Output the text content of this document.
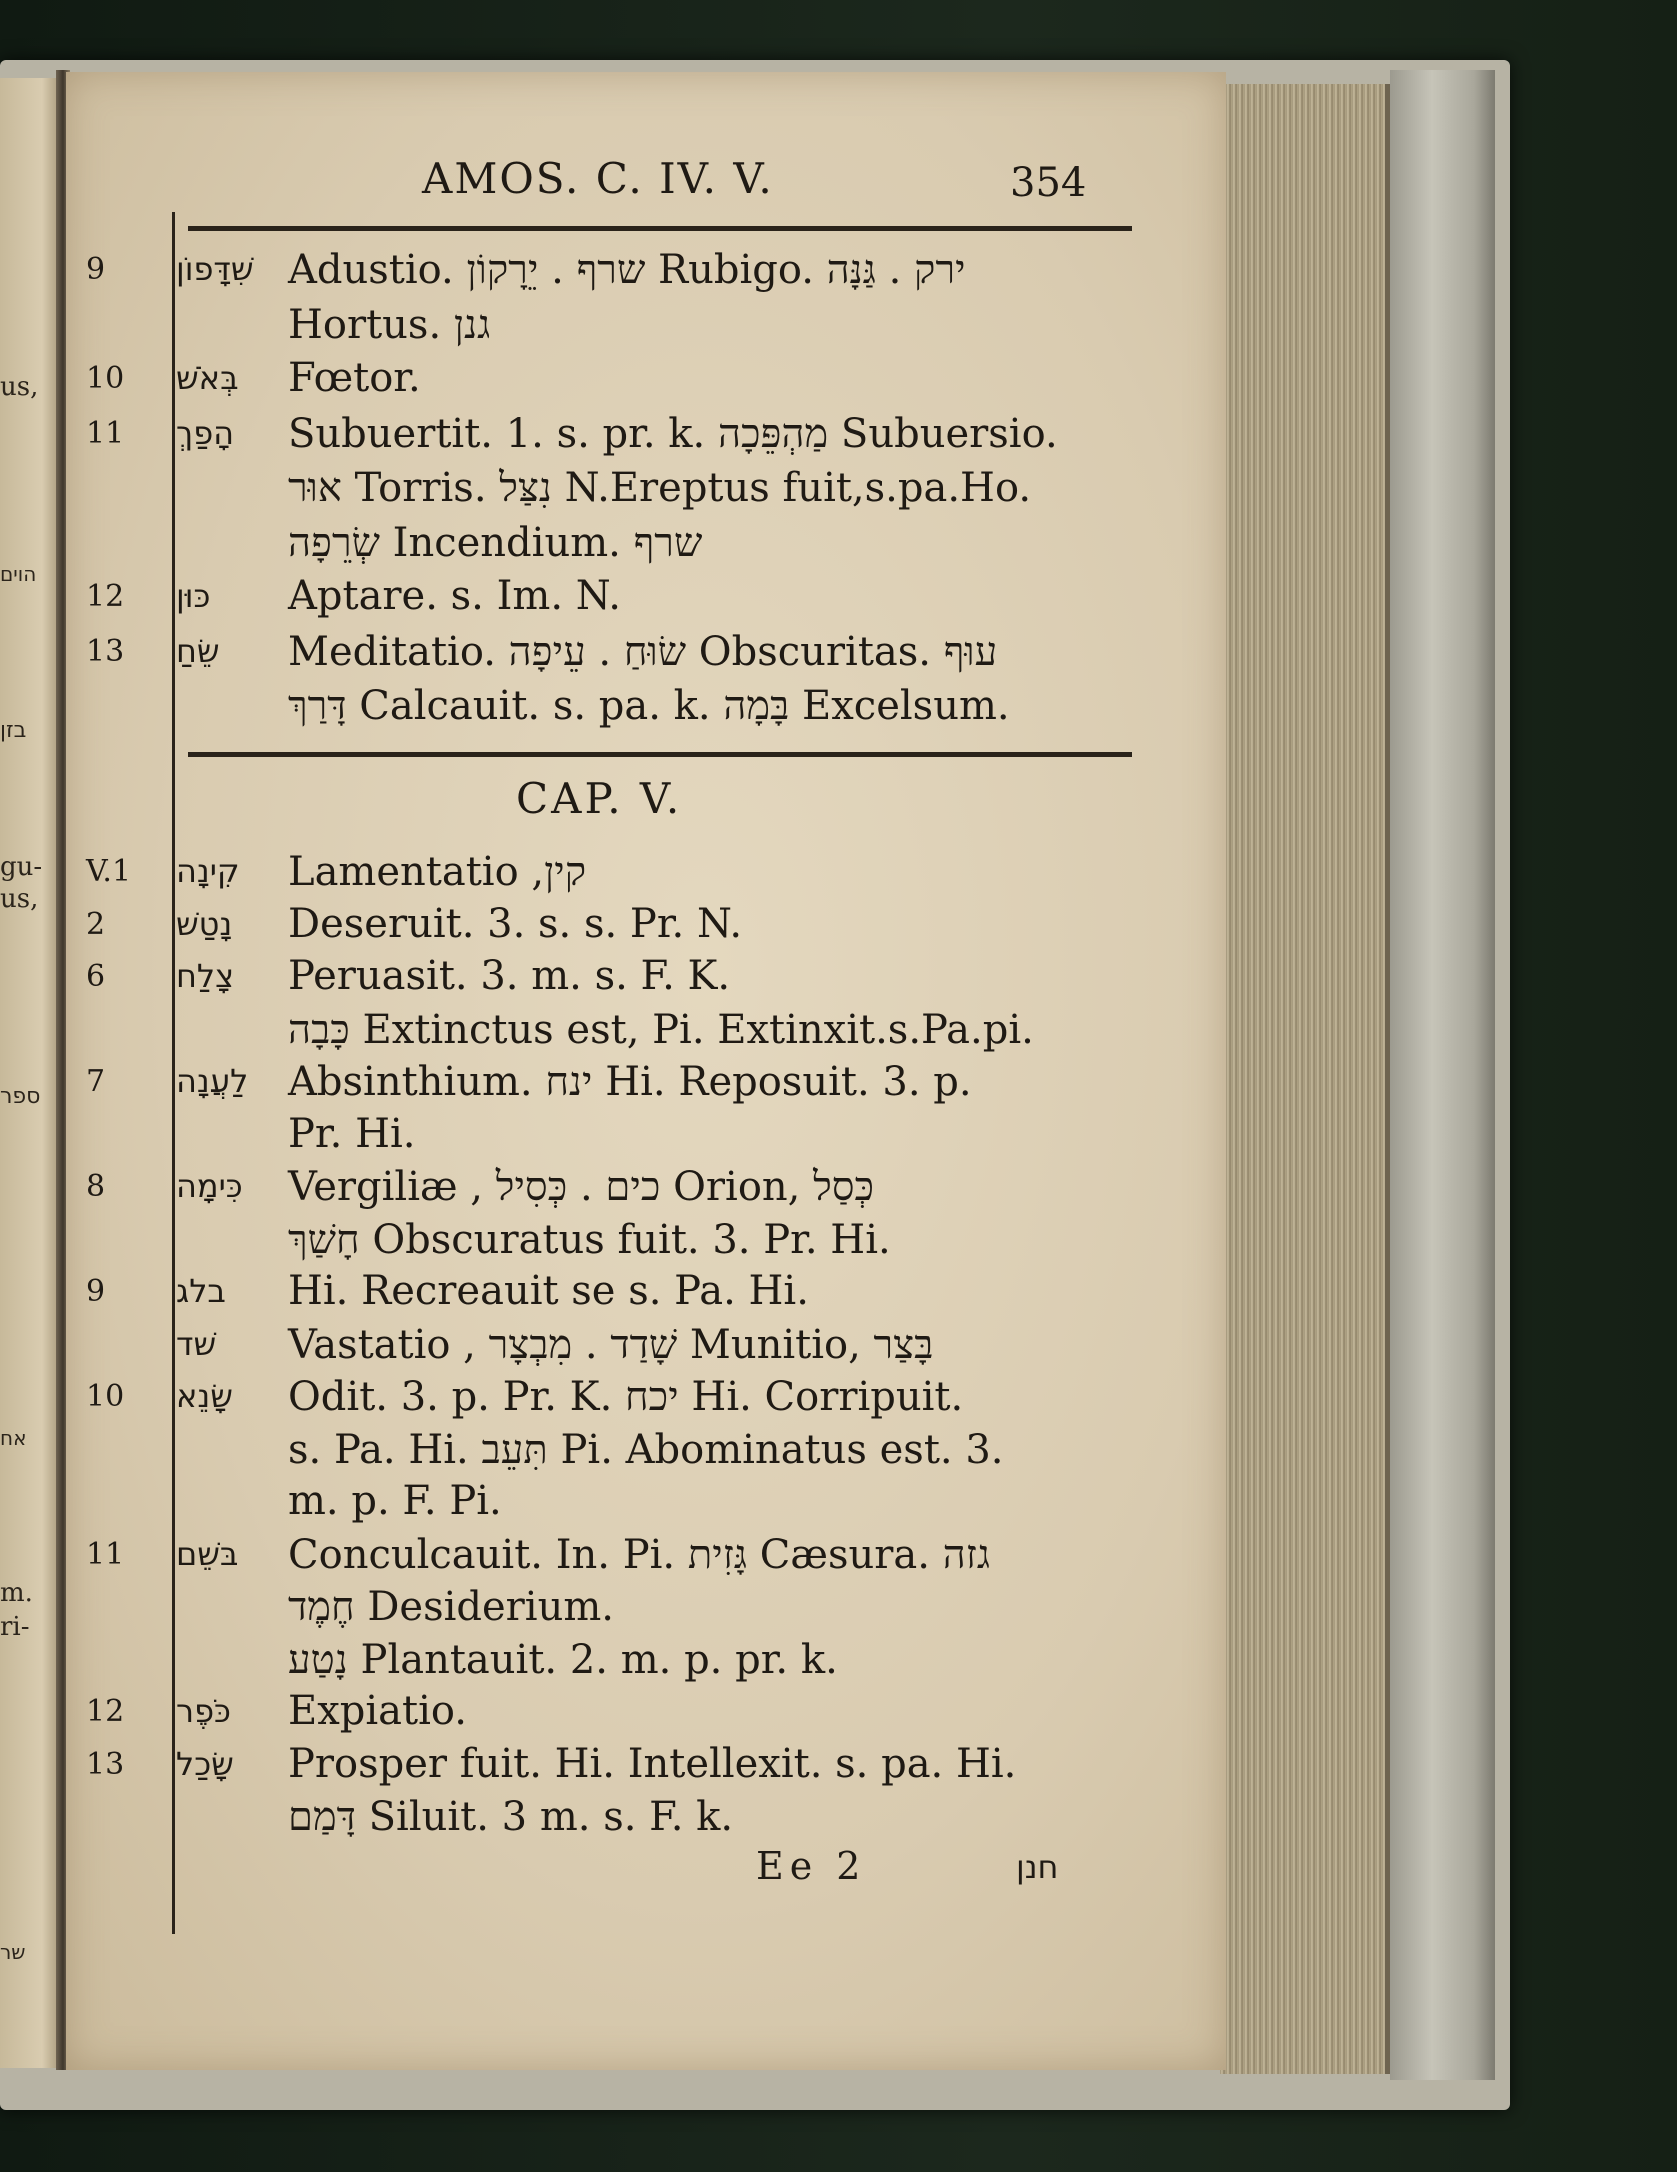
us,
הוים
בזן
gu-
us,
ספר
אח
m.
ri-
שר
AMOS. C. IV. V.	354
9 שִׁדָּפוֹן Adustio. שרף . יֵרָקוֹן Rubigo. ירק . גַּנָּה
Hortus. גנן
10 בְּאֹשׁ Fœtor.
11 הָפַךְ Subuertit. 1. s. pr. k. מַהְפֵּכָה Subuersio.
אוּר Torris. נִצַּל N.Ereptus fuit,s.pa.Ho.
שְׂרֵפָה Incendium. שרף
12 כּוּן Aptare. s. Im. N.
13 שֵׂחַ Meditatio. שׂוּחַ . עֵיפָה Obscuritas. עוּף
דָּרַךְ Calcauit. s. pa. k. בָּמָה Excelsum.
CAP. V.
V.1 קִינָה Lamentatio ,קין
2 נָטַשׁ Deseruit. 3. s. s. Pr. N.
6 צָלַח Peruasit. 3. m. s. F. K.
כָּבָה Extinctus est, Pi. Extinxit.s.Pa.pi.
7 לַעֲנָה Absinthium. ינח Hi. Reposuit. 3. p.
Pr. Hi.
8 כִּימָה Vergiliæ , כים . כְּסִיל Orion, כְּסַל
חָשַׁךְ Obscuratus fuit. 3. Pr. Hi.
9 בלג Hi. Recreauit se s. Pa. Hi.
שׁד Vastatio , שָׁדַד . מִבְצָר Munitio, בָּצַר
10 שָׂנֵא Odit. 3. p. Pr. K. יכח Hi. Corripuit.
s. Pa. Hi. תִּעֵב Pi. Abominatus est. 3.
m. p. F. Pi.
11 בּשֵׁם Conculcauit. In. Pi. גָּזִית Cæsura. גזה
חֶמֶד Desiderium.
נָטַע Plantauit. 2. m. p. pr. k.
12 כֹּפֶר Expiatio.
13 שָׂכַל Prosper fuit. Hi. Intellexit. s. pa. Hi.
דָּמַם Siluit. 3 m. s. F. k.
Ee 2	חנן
